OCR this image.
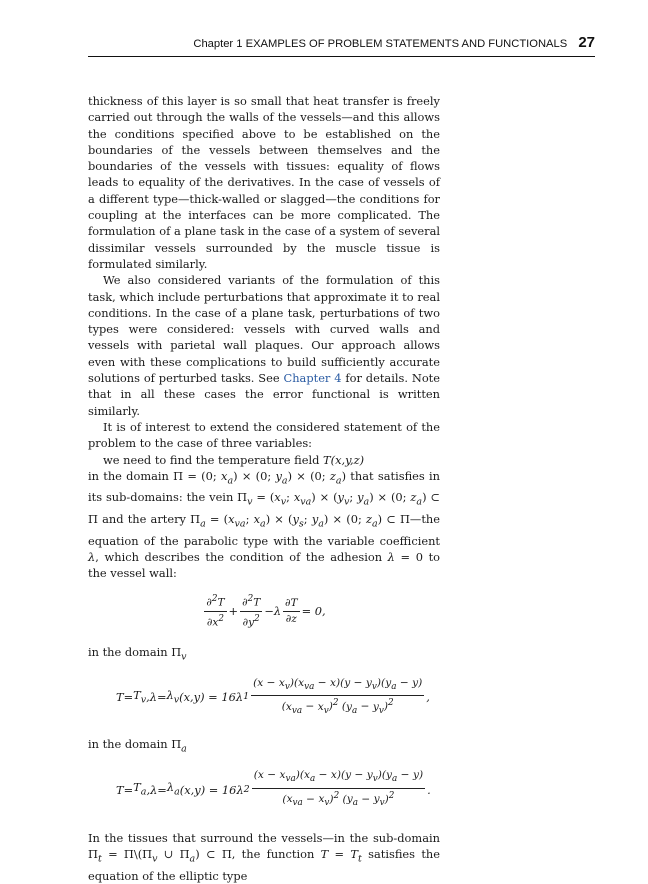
Chapter 1 EXAMPLES OF PROBLEM STATEMENTS AND FUNCTIONALS 27

thickness of this layer is so small that heat transfer is freely carried out through the walls of the vessels—and this allows the conditions specified above to be established on the boundaries of the vessels between themselves and the boundaries of the vessels with tissues: equality of flows leads to equality of the derivatives. In the case of vessels of a different type—thick-walled or slagged—the conditions for coupling at the interfaces can be more complicated. The formulation of a plane task in the case of a system of several dissimilar vessels surrounded by the muscle tissue is formulated similarly.

We also considered variants of the formulation of this task, which include perturbations that approximate it to real conditions. In the case of a plane task, perturbations of two types were considered: vessels with curved walls and vessels with parietal wall plaques. Our approach allows even with these complications to build sufficiently accurate solutions of perturbed tasks. See Chapter 4 for details. Note that in all these cases the error functional is written similarly.

It is of interest to extend the considered statement of the problem to the case of three variables:

we need to find the temperature field T(x,y,z)

in the domain Π = (0; $x_a) \times (0$; $y_a) \times (0$; $z_a$) that satisfies in its sub-domains: the vein $\Pi_v = (x_v$; $x_{va}) \times (y_v$; $y_a) \times (0$; $z_a$) ⊂ Π and the artery $\Pi_a = (x_{va}$; $x_a) \times (y_s$; $y_a) \times (0$; $z_a$) ⊂ Π—the equation of the parabolic type with the variable coefficient λ, which describes the condition of the adhesion λ = 0 to the vessel wall:

$\frac{\partial^2T}{\partial x^2} + \frac{\partial^2T}{\partial y^2} - \lambda \frac{\partial T}{\partial z} = 0$,

in the domain $\Pi_v$

$T = T_v$ , $\lambda = \lambda_v$ ( x , y ) = 16 λ $1 \frac{(x - x_v)(x_{va} - x)(y - y_v)(y_a - y)}{(x_{va} - x_v)^2 (y_a - y_v)^2}$ ,

in the domain $\Pi_a$

$T = T_a$ , $\lambda = \lambda_a$ ( x , y ) = 16 λ $2 \frac{(x - x_{va})(x_a - x)(y - y_v)(y_a - y)}{(x_{va} - x_v)^2 (y_a - y_v)^2}$ .

In the tissues that surround the vessels—in the sub-domain $\Pi_t$ = $\Pi\backslash(\Pi_v$ ∪ $\Pi_a$) ⊂ Π, the function $T = T_t$ satisfies the equation of the elliptic type
